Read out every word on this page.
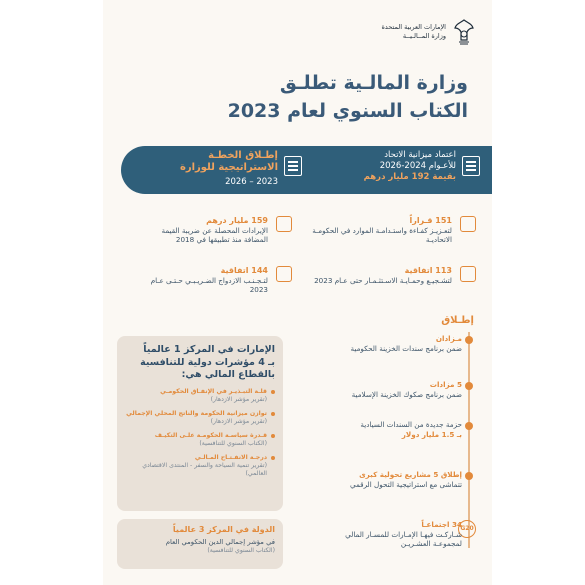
الإمارات العربية المتحدة
وزارة المــالـيــة
وزارة المالـية تطلـق
الكتاب السنوي لعام 2023
اعتماد ميزانية الاتحاد
للأعـوام 2024-2026
بقيمة 192 مليار درهم
إطـلاق الخطـة
الاستراتيجية للوزارة
2023 – 2026
151 قـراراً
لتعـزيـز كفـاءة واستـدامـة الموارد في الحكومـة الاتحاديـة
159 مليار درهم
الإيرادات المحصلة عن ضريبة القيمة المضافة منذ تطبيقها في 2018
113 اتفاقية
لتشـجيـع وحمـايـة الاسـتثـمـار حتى عـام 2023
144 اتفاقية
لتـجـنـب الازدواج الضـريـبـي حـتـى عـام 2023
إطـلاق
مـزادان
ضمن برنامج سندات الخزينة الحكومية
5 مزادات
ضمن برنامج صكوك الخزينة الإسلامية
حزمة جديدة من السندات السيادية
بـ 1.5 مليار دولار
إطلاق 5 مشاريع تحولية كبرى
تتماشى مع استراتيجية التحول الرقمي
G20
34 اجتماعـاً
شـاركـت فيهـا الإمـارات للمسـار المالي لمجموعـة العشـريـن
الإمارات في المركز 1 عالمياً
بـ 4 مؤشرات دولية للتنافسية
بالقطاع المالي هي:
قلـة التبـذيـر في الإنفـاق الحكومـي
(تقرير مؤشر الازدهار)
توازن ميزانية الحكومة والناتج المحلي الإجمالي
(تقرير مؤشر الازدهار)
قـدرة سياسـة الحكومـة علـى التكيـف
(الكتاب السنوي للتنافسية)
درجـة الانفـتـاح المـالـي
(تقرير تنمية السياحة والسفر - المنتدى الاقتصادي العالمي)
الدولة في المركز 3 عالمياً
في مؤشر إجمالي الدين الحكومي العام
(الكتاب السنوي للتنافسية)
